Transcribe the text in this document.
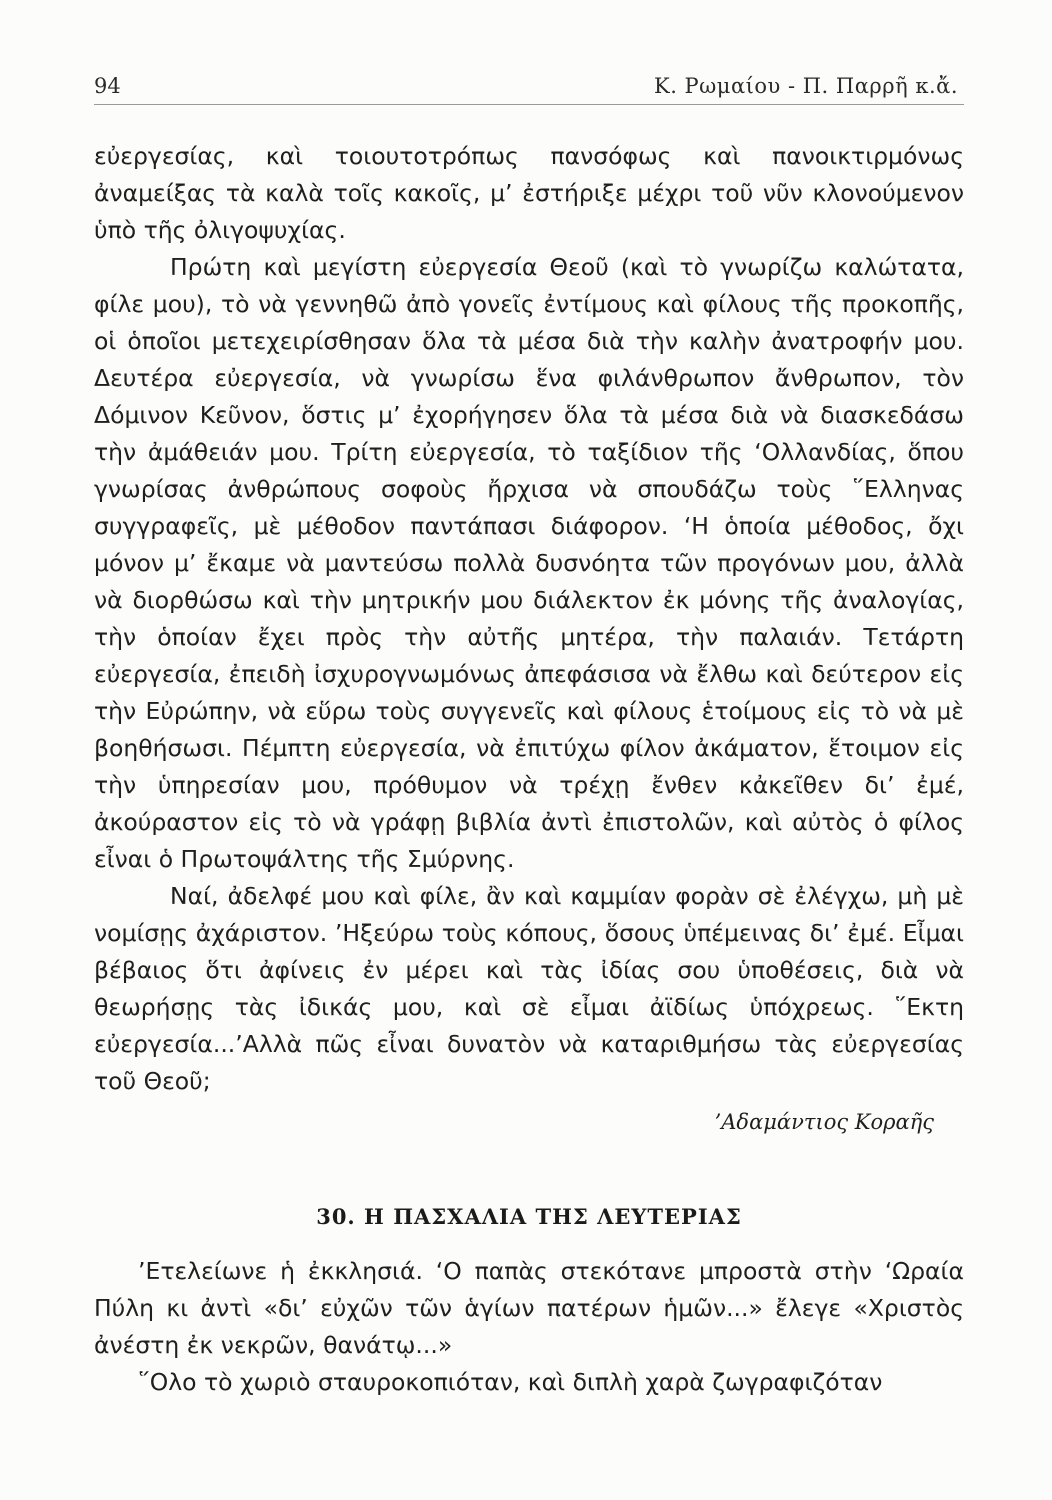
94	Κ. Ρωμαίου - Π. Παρρῆ κ.ἄ.

εὐεργεσίας, καὶ τοιουτοτρόπως πανσόφως καὶ πανοικτιρμόνως ἀναμείξας τὰ καλὰ τοῖς κακοῖς, μ’ ἐστήριξε μέχρι τοῦ νῦν κλονούμενον ὑπὸ τῆς ὀλιγοψυχίας.

Πρώτη καὶ μεγίστη εὐεργεσία Θεοῦ (καὶ τὸ γνωρίζω καλώτατα, φίλε μου), τὸ νὰ γεννηθῶ ἀπὸ γονεῖς ἐντίμους καὶ φίλους τῆς προκοπῆς, οἱ ὁποῖοι μετεχειρίσθησαν ὅλα τὰ μέσα διὰ τὴν καλὴν ἀνατροφήν μου. Δευτέρα εὐεργεσία, νὰ γνωρίσω ἕνα φιλάνθρωπον ἄνθρωπον, τὸν Δόμινον Κεῦνον, ὅστις μ’ ἐχορήγησεν ὅλα τὰ μέσα διὰ νὰ διασκεδάσω τὴν ἀμάθειάν μου. Τρίτη εὐεργεσία, τὸ ταξίδιον τῆς ‘Ολλανδίας, ὅπου γνωρίσας ἀνθρώπους σοφοὺς ἤρχισα νὰ σπουδάζω τοὺς ῞Ελληνας συγγραφεῖς, μὲ μέθοδον παντάπασι διάφορον. ‘Η ὁποία μέθοδος, ὄχι μόνον μ’ ἔκαμε νὰ μαντεύσω πολλὰ δυσνόητα τῶν προγόνων μου, ἀλλὰ νὰ διορθώσω καὶ τὴν μητρικήν μου διάλεκτον ἐκ μόνης τῆς ἀναλογίας, τὴν ὁποίαν ἔχει πρὸς τὴν αὐτῆς μητέρα, τὴν παλαιάν. Τετάρτη εὐεργεσία, ἐπειδὴ ἰσχυρογνωμόνως ἀπεφάσισα νὰ ἔλθω καὶ δεύτερον εἰς τὴν Εὐρώπην, νὰ εὕρω τοὺς συγγενεῖς καὶ φίλους ἑτοίμους εἰς τὸ νὰ μὲ βοηθήσωσι. Πέμπτη εὐεργεσία, νὰ ἐπιτύχω φίλον ἀκάματον, ἕτοιμον εἰς τὴν ὑπηρεσίαν μου, πρόθυμον νὰ τρέχῃ ἔνθεν κἀκεῖθεν δι’ ἐμέ, ἀκούραστον εἰς τὸ νὰ γράφῃ βιβλία ἀντὶ ἐπιστολῶν, καὶ αὐτὸς ὁ φίλος εἶναι ὁ Πρωτοψάλτης τῆς Σμύρνης.

Ναί, ἀδελφέ μου καὶ φίλε, ἂν καὶ καμμίαν φορὰν σὲ ἐλέγχω, μὴ μὲ νομίσῃς ἀχάριστον. ’Ηξεύρω τοὺς κόπους, ὅσους ὑπέμεινας δι’ ἐμέ. Εἶμαι βέβαιος ὅτι ἀφίνεις ἐν μέρει καὶ τὰς ἰδίας σου ὑποθέσεις, διὰ νὰ θεωρήσῃς τὰς ἰδικάς μου, καὶ σὲ εἶμαι ἀϊδίως ὑπόχρεως. ῞Εκτη εὐεργεσία...’Αλλὰ πῶς εἶναι δυνατὸν νὰ καταριθμήσω τὰς εὐεργεσίας τοῦ Θεοῦ;

’Αδαμάντιος Κοραῆς

30. Η ΠΑΣΧΑΛΙΑ ΤΗΣ ΛΕΥΤΕΡΙΑΣ

’Ετελείωνε ἡ ἐκκλησιά. ‘Ο παπὰς στεκότανε μπροστὰ στὴν ‘Ωραία Πύλη κι ἀντὶ «δι’ εὐχῶν τῶν ἁγίων πατέρων ἡμῶν...» ἔλεγε «Χριστὸς ἀνέστη ἐκ νεκρῶν, θανάτῳ...»

῞Ολο τὸ χωριὸ σταυροκοπιόταν, καὶ διπλὴ χαρὰ ζωγραφιζόταν
